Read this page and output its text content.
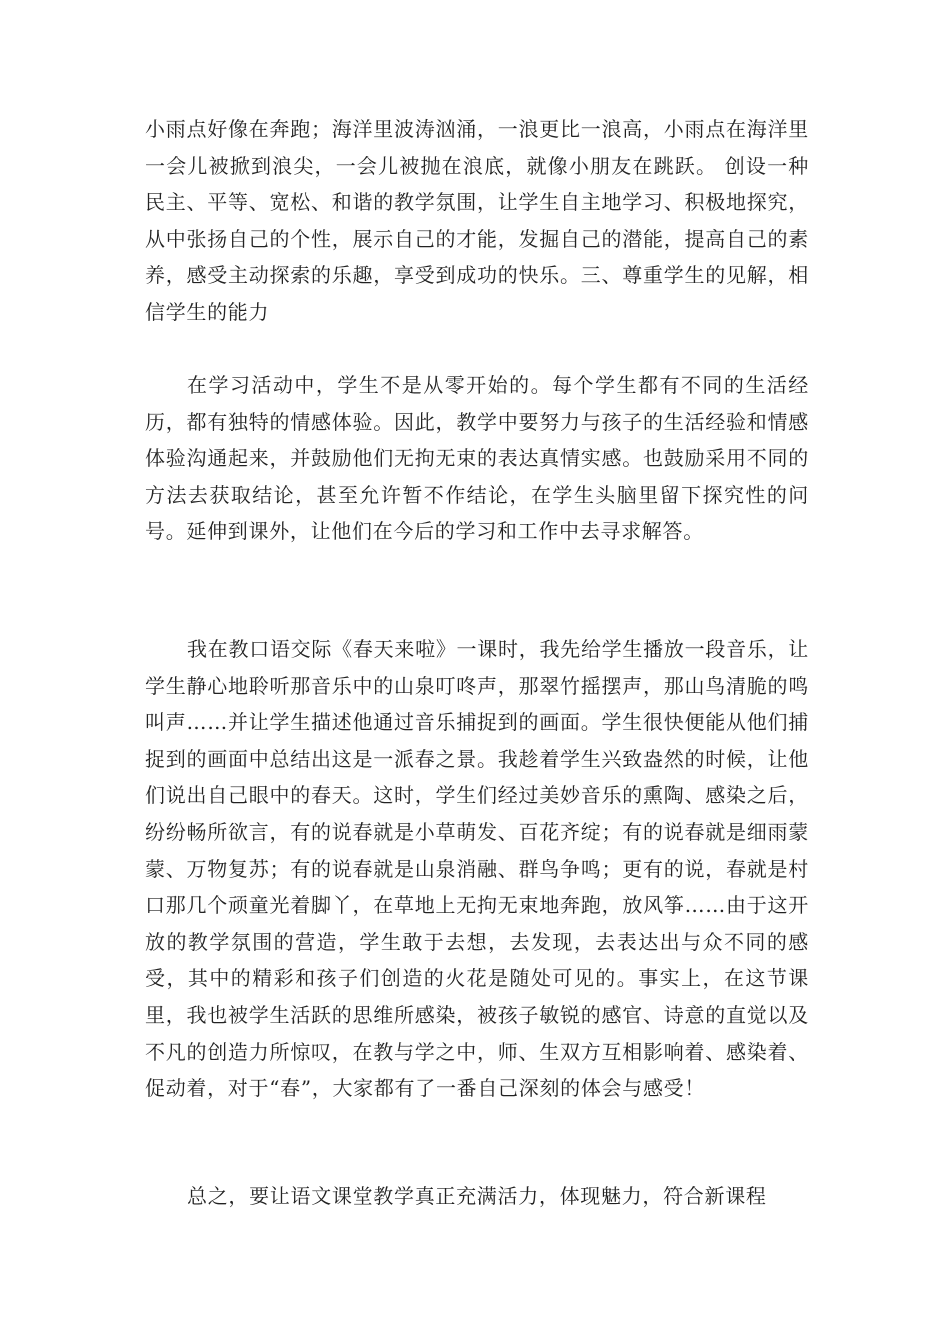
小雨点好像在奔跑；海洋里波涛汹涌，一浪更比一浪高，小雨点在海洋里一会儿被掀到浪尖，一会儿被抛在浪底，就像小朋友在跳跃。 创设一种民主、平等、宽松、和谐的教学氛围，让学生自主地学习、积极地探究，从中张扬自己的个性，展示自己的才能，发掘自己的潜能，提高自己的素养，感受主动探索的乐趣，享受到成功的快乐。三、尊重学生的见解，相信学生的能力

在学习活动中，学生不是从零开始的。每个学生都有不同的生活经历，都有独特的情感体验。因此，教学中要努力与孩子的生活经验和情感体验沟通起来，并鼓励他们无拘无束的表达真情实感。也鼓励采用不同的方法去获取结论，甚至允许暂不作结论，在学生头脑里留下探究性的问号。延伸到课外，让他们在今后的学习和工作中去寻求解答。

我在教口语交际《春天来啦》一课时，我先给学生播放一段音乐，让学生静心地聆听那音乐中的山泉叮咚声，那翠竹摇摆声，那山鸟清脆的鸣叫声……并让学生描述他通过音乐捕捉到的画面。学生很快便能从他们捕捉到的画面中总结出这是一派春之景。我趁着学生兴致盎然的时候，让他们说出自己眼中的春天。这时，学生们经过美妙音乐的熏陶、感染之后，纷纷畅所欲言，有的说春就是小草萌发、百花齐绽；有的说春就是细雨蒙蒙、万物复苏；有的说春就是山泉消融、群鸟争鸣；更有的说，春就是村口那几个顽童光着脚丫，在草地上无拘无束地奔跑，放风筝……由于这开放的教学氛围的营造，学生敢于去想，去发现，去表达出与众不同的感受，其中的精彩和孩子们创造的火花是随处可见的。事实上，在这节课里，我也被学生活跃的思维所感染，被孩子敏锐的感官、诗意的直觉以及不凡的创造力所惊叹，在教与学之中，师、生双方互相影响着、感染着、促动着，对于“春”，大家都有了一番自己深刻的体会与感受！

总之，要让语文课堂教学真正充满活力，体现魅力，符合新课程
